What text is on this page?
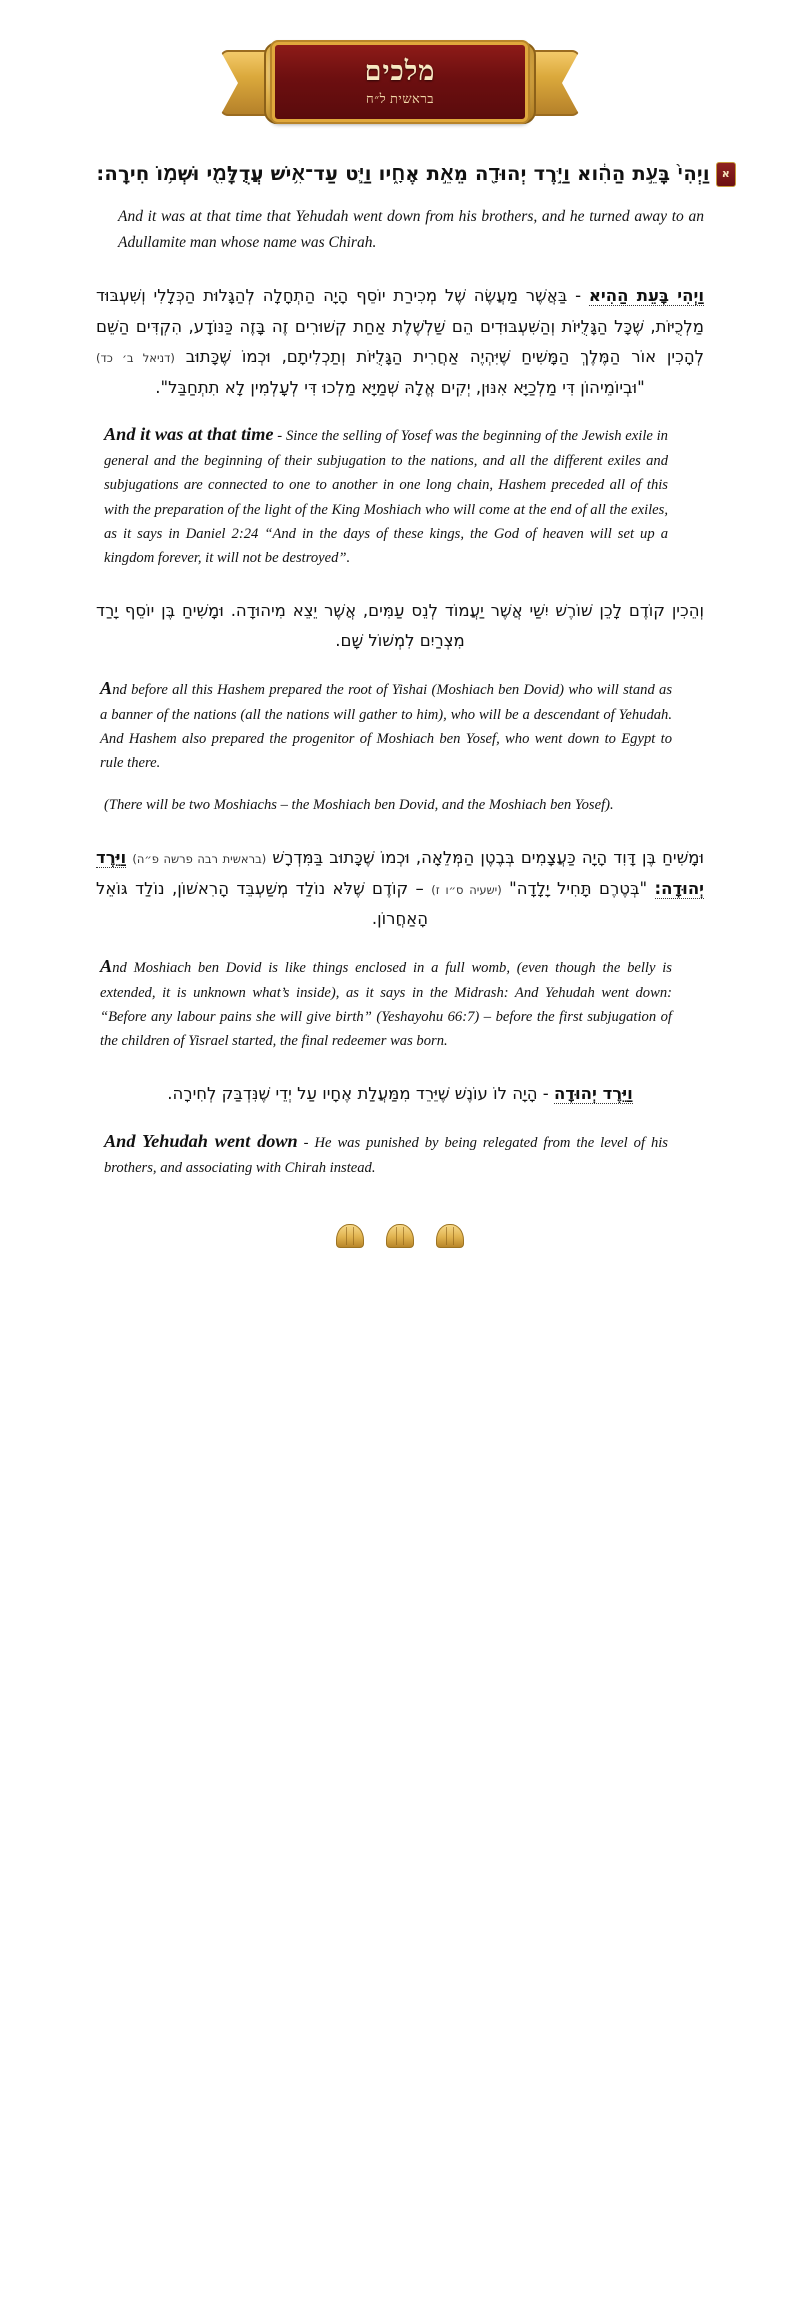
מלכים
בראשית ל״ח
אוַיְהִי֙ בָּעֵ֣ת הַהִ֔וא וַיֵּ֥רֶד יְהוּדָ֖ה מֵאֵ֣ת אֶחָ֑יו וַיֵּ֛ט עַד־אִ֥ישׁ עֲדֻלָּמִ֖י וּשְׁמ֥וֹ חִירָֽה:
And it was at that time that Yehudah went down from his brothers, and he turned away to an Adullamite man whose name was Chirah.
וַיְהִי בָּעֵת הַהִיא - בַּאֲשֶׁר מַעֲשֶׂה שֶׁל מְכִירַת יוֹסֵף הָיָה הַתְחָלָה לְהַגָּלוּת הַכְּלָלִי וְשִׁעְבּוּד מַלְכֻיּוֹת, שֶׁכָּל הַגָּלֻיּוֹת וְהַשִּׁעְבּוּדִים הֵם שַׁלְשֶׁלֶת אַחַת קְשׁוּרִים זֶה בָּזֶה כַּנּוֹדָע, הִקְדִּים הַשֵּׁם לְהָכִין אוֹר הַמֶּלֶךְ הַמָּשִׁיחַ שֶׁיִּהְיֶה אַחֲרִית הַגָּלֻיּוֹת וְתַכְלִיתָם, וּכְמוֹ שֶׁכָּתוּב (דניאל ב׳ כד) "וּבְיוֹמֵיהוֹן דִּי מַלְכַיָּא אִנּוּן, יְקִים אֱלָהּ שְׁמַיָּא מַלְכוּ דִּי לְעָלְמִין לָא תִתְחַבַּל".
And it was at that time - Since the selling of Yosef was the beginning of the Jewish exile in general and the beginning of their subjugation to the nations, and all the different exiles and subjugations are connected to one to another in one long chain, Hashem preceded all of this with the preparation of the light of the King Moshiach who will come at the end of all the exiles, as it says in Daniel 2:24 “And in the days of these kings, the God of heaven will set up a kingdom forever, it will not be destroyed”.
וְהֵכִין קוֹדֶם לָכֵן שׁוֹרֶשׁ יִשַׁי אֲשֶׁר יַעֲמוֹד לְנֵס עַמִּים, אֲשֶׁר יֵצֵא מִיהוּדָה. וּמָשִׁיחַ בֶּן יוֹסֵף יָרַד מִצְרַיִם לִמְשׁוֹל שָׁם.
And before all this Hashem prepared the root of Yishai (Moshiach ben Dovid) who will stand as a banner of the nations (all the nations will gather to him), who will be a descendant of Yehudah. And Hashem also prepared the progenitor of Moshiach ben Yosef, who went down to Egypt to rule there.
(There will be two Moshiachs – the Moshiach ben Dovid, and the Moshiach ben Yosef).
וּמָשִׁיחַ בֶּן דָּוִד הָיָה כַּעֲצָמִים בְּבֶטֶן הַמְּלֵאָה, וּכְמוֹ שֶׁכָּתוּב בַּמִּדְרָשׁ (בראשית רבה פרשה פ״ה) וַיֵּרֶד יְהוּדָה: "בְּטֶרֶם תָּחִיל יָלָדָה" (ישעיה ס״ו ז) – קוֹדֶם שֶׁלֹּא נוֹלַד מְשַׁעְבֵּד הָרִאשׁוֹן, נוֹלַד גּוֹאֵל הָאַחֲרוֹן.
And Moshiach ben Dovid is like things enclosed in a full womb, (even though the belly is extended, it is unknown what’s inside), as it says in the Midrash: And Yehudah went down: “Before any labour pains she will give birth” (Yeshayohu 66:7) – before the first subjugation of the children of Yisrael started, the final redeemer was born.
וַיֵּרֶד יְהוּדָה - הָיָה לוֹ עוֹנֶשׁ שֶׁיֵּרֵד מִמַּעֲלַת אֶחָיו עַל יְדֵי שֶׁנִּדְבַּק לְחִירָה.
And Yehudah went down - He was punished by being relegated from the level of his brothers, and associating with Chirah instead.
